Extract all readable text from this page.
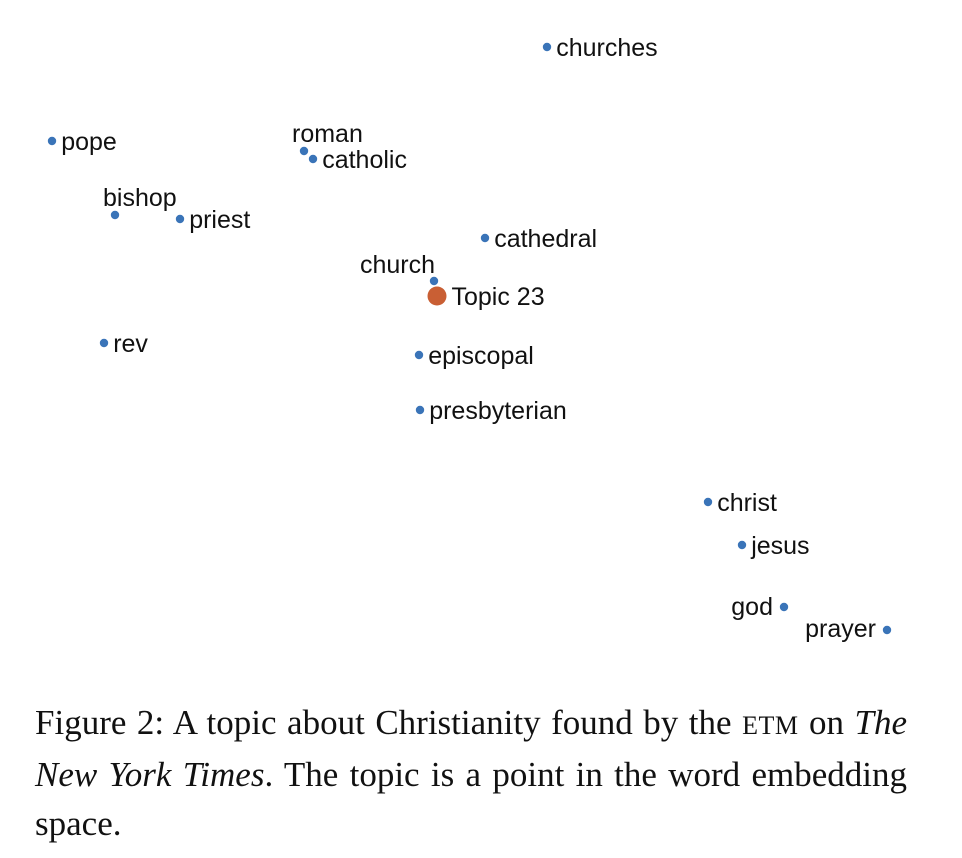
churches
pope	roman
catholic
bishop
priest
cathedral
church
Topic 23
rev	episcopal
presbyterian
christ
jesus
god
prayer

Figure 2: A topic about Christianity found by the ETM on The New York Times. The topic is a point in the word embedding space.
